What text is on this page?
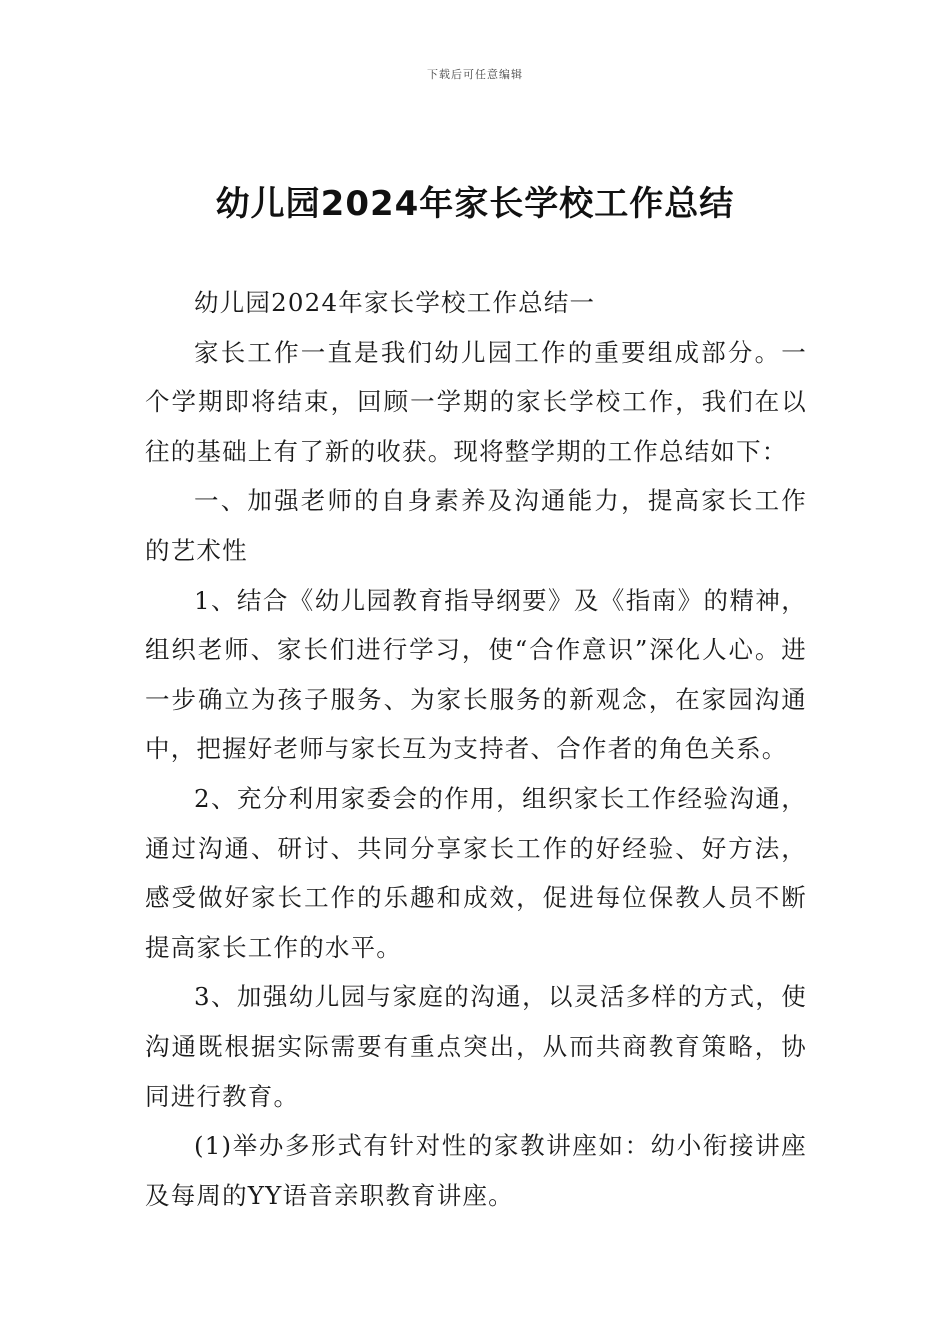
下载后可任意编辑
幼儿园2024年家长学校工作总结

幼儿园2024年家长学校工作总结一

家长工作一直是我们幼儿园工作的重要组成部分。一个学期即将结束，回顾一学期的家长学校工作，我们在以往的基础上有了新的收获。现将整学期的工作总结如下：

一、加强老师的自身素养及沟通能力，提高家长工作的艺术性

1、结合《幼儿园教育指导纲要》及《指南》的精神，组织老师、家长们进行学习，使“合作意识”深化人心。进一步确立为孩子服务、为家长服务的新观念，在家园沟通中，把握好老师与家长互为支持者、合作者的角色关系。

2、充分利用家委会的作用，组织家长工作经验沟通，通过沟通、研讨、共同分享家长工作的好经验、好方法，感受做好家长工作的乐趣和成效，促进每位保教人员不断提高家长工作的水平。

3、加强幼儿园与家庭的沟通，以灵活多样的方式，使沟通既根据实际需要有重点突出，从而共商教育策略，协同进行教育。

(1)举办多形式有针对性的家教讲座如：幼小衔接讲座及每周的YY语音亲职教育讲座。
